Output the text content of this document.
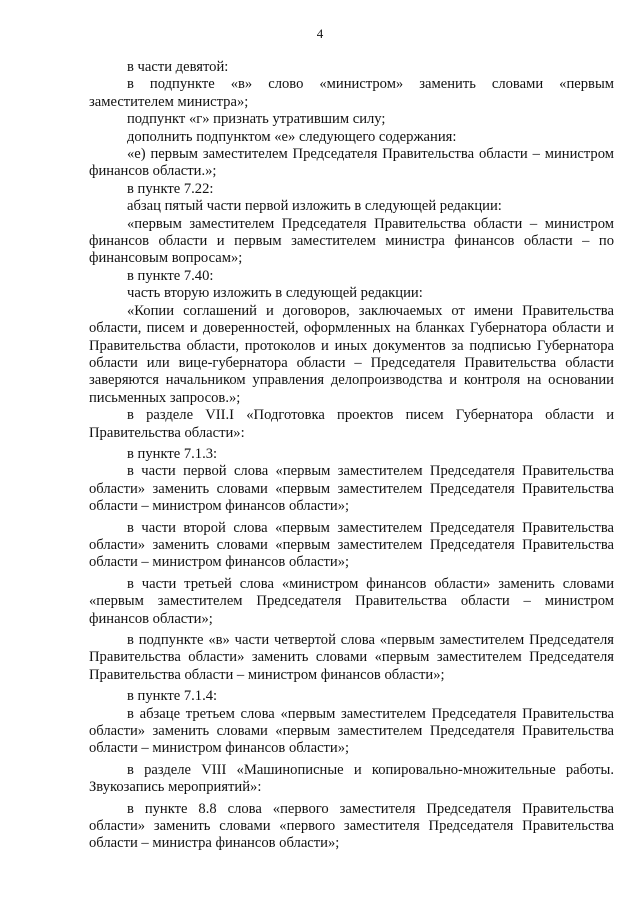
4

в части девятой:

в подпункте «в» слово «министром» заменить словами «первым заместителем министра»;

подпункт «г» признать утратившим силу;

дополнить подпунктом «е» следующего содержания:

«е) первым заместителем Председателя Правительства области – министром финансов области.»;

в пункте 7.22:

абзац пятый части первой изложить в следующей редакции:

«первым заместителем Председателя Правительства области – министром финансов области и первым заместителем министра финансов области – по финансовым вопросам»;

в пункте 7.40:

часть вторую изложить в следующей редакции:

«Копии соглашений и договоров, заключаемых от имени Правительства области, писем и доверенностей, оформленных на бланках Губернатора области и Правительства области, протоколов и иных документов за подписью Губернатора области или вице-губернатора области – Председателя Правительства области заверяются начальником управления делопроизводства и контроля на основании письменных запросов.»;

в разделе VII.I «Подготовка проектов писем Губернатора области и Правительства области»:

в пункте 7.1.3:

в части первой слова «первым заместителем Председателя Правительства области» заменить словами «первым заместителем Председателя Правительства области – министром финансов области»;

в части второй слова «первым заместителем Председателя Правительства области» заменить словами «первым заместителем Председателя Правительства области – министром финансов области»;

в части третьей слова «министром финансов области» заменить словами «первым заместителем Председателя Правительства области – министром финансов области»;

в подпункте «в» части четвертой слова «первым заместителем Председателя Правительства области» заменить словами «первым заместителем Председателя Правительства области – министром финансов области»;

в пункте 7.1.4:

в абзаце третьем слова «первым заместителем Председателя Правительства области» заменить словами «первым заместителем Председателя Правительства области – министром финансов области»;

в разделе VIII «Машинописные и копировально-множительные работы. Звукозапись мероприятий»:

в пункте 8.8 слова «первого заместителя Председателя Правительства области» заменить словами «первого заместителя Председателя Правительства области – министра финансов области»;
